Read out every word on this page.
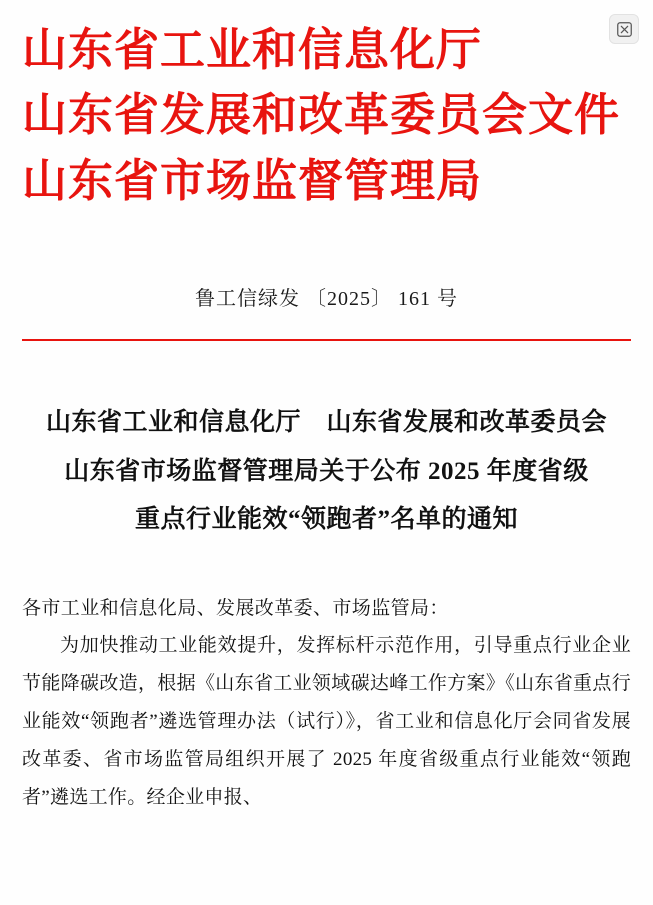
山东省工业和信息化厅
山东省发展和改革委员会文件
山东省市场监督管理局
鲁工信绿发 〔2025〕 161 号
山东省工业和信息化厅　山东省发展和改革委员会
山东省市场监督管理局关于公布 2025 年度省级
重点行业能效“领跑者”名单的通知
各市工业和信息化局、发展改革委、市场监管局：

为加快推动工业能效提升，发挥标杆示范作用，引导重点行业企业节能降碳改造，根据《山东省工业领域碳达峰工作方案》《山东省重点行业能效“领跑者”遴选管理办法（试行）》，省工业和信息化厅会同省发展改革委、省市场监管局组织开展了 2025 年度省级重点行业能效“领跑者”遴选工作。经企业申报、
